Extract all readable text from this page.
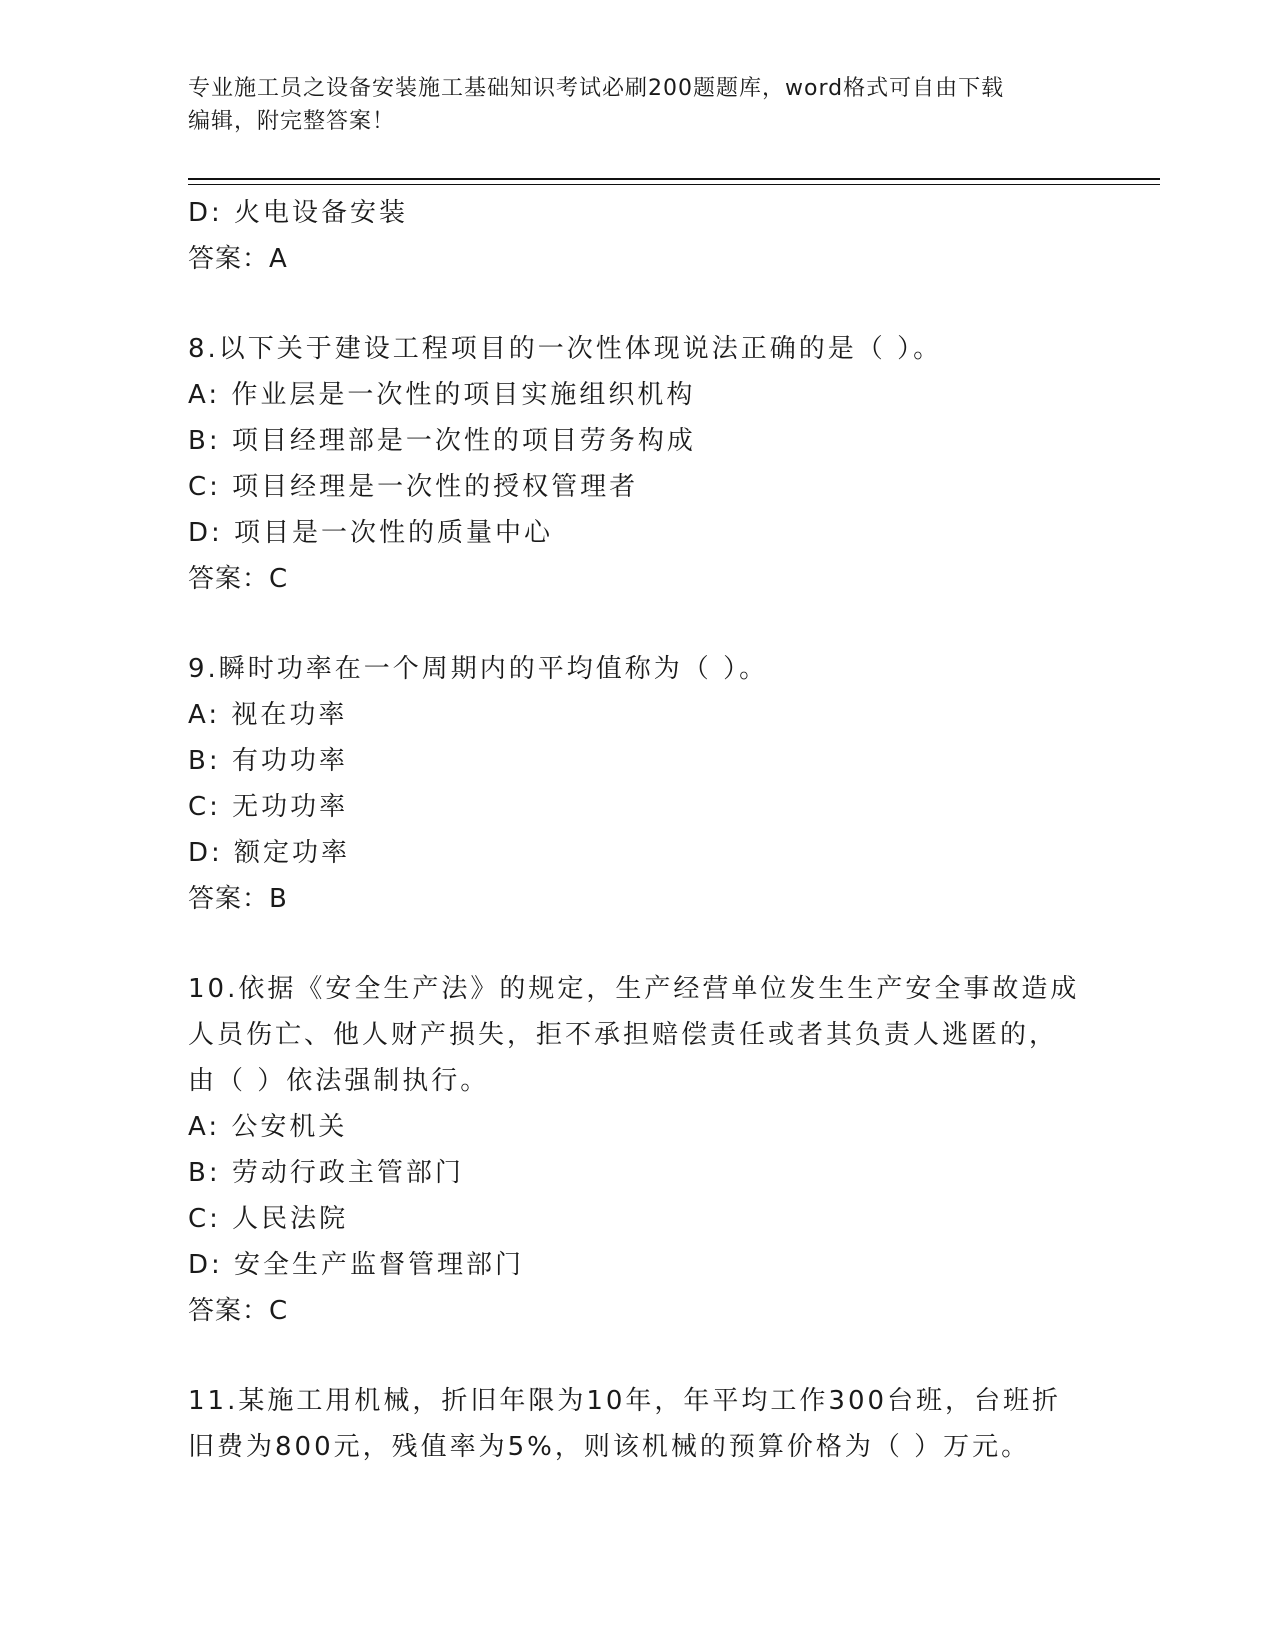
专业施工员之设备安装施工基础知识考试必刷200题题库，word格式可自由下载
编辑，附完整答案！
D: 火电设备安装
答案：A
8.以下关于建设工程项目的一次性体现说法正确的是（ ）。
A: 作业层是一次性的项目实施组织机构
B: 项目经理部是一次性的项目劳务构成
C: 项目经理是一次性的授权管理者
D: 项目是一次性的质量中心
答案：C
9.瞬时功率在一个周期内的平均值称为（ ）。
A: 视在功率
B: 有功功率
C: 无功功率
D: 额定功率
答案：B
10.依据《安全生产法》的规定，生产经营单位发生生产安全事故造成
人员伤亡、他人财产损失，拒不承担赔偿责任或者其负责人逃匿的，
由（ ）依法强制执行。
A: 公安机关
B: 劳动行政主管部门
C: 人民法院
D: 安全生产监督管理部门
答案：C
11.某施工用机械，折旧年限为10年，年平均工作300台班，台班折
旧费为800元，残值率为5%，则该机械的预算价格为（ ）万元。
